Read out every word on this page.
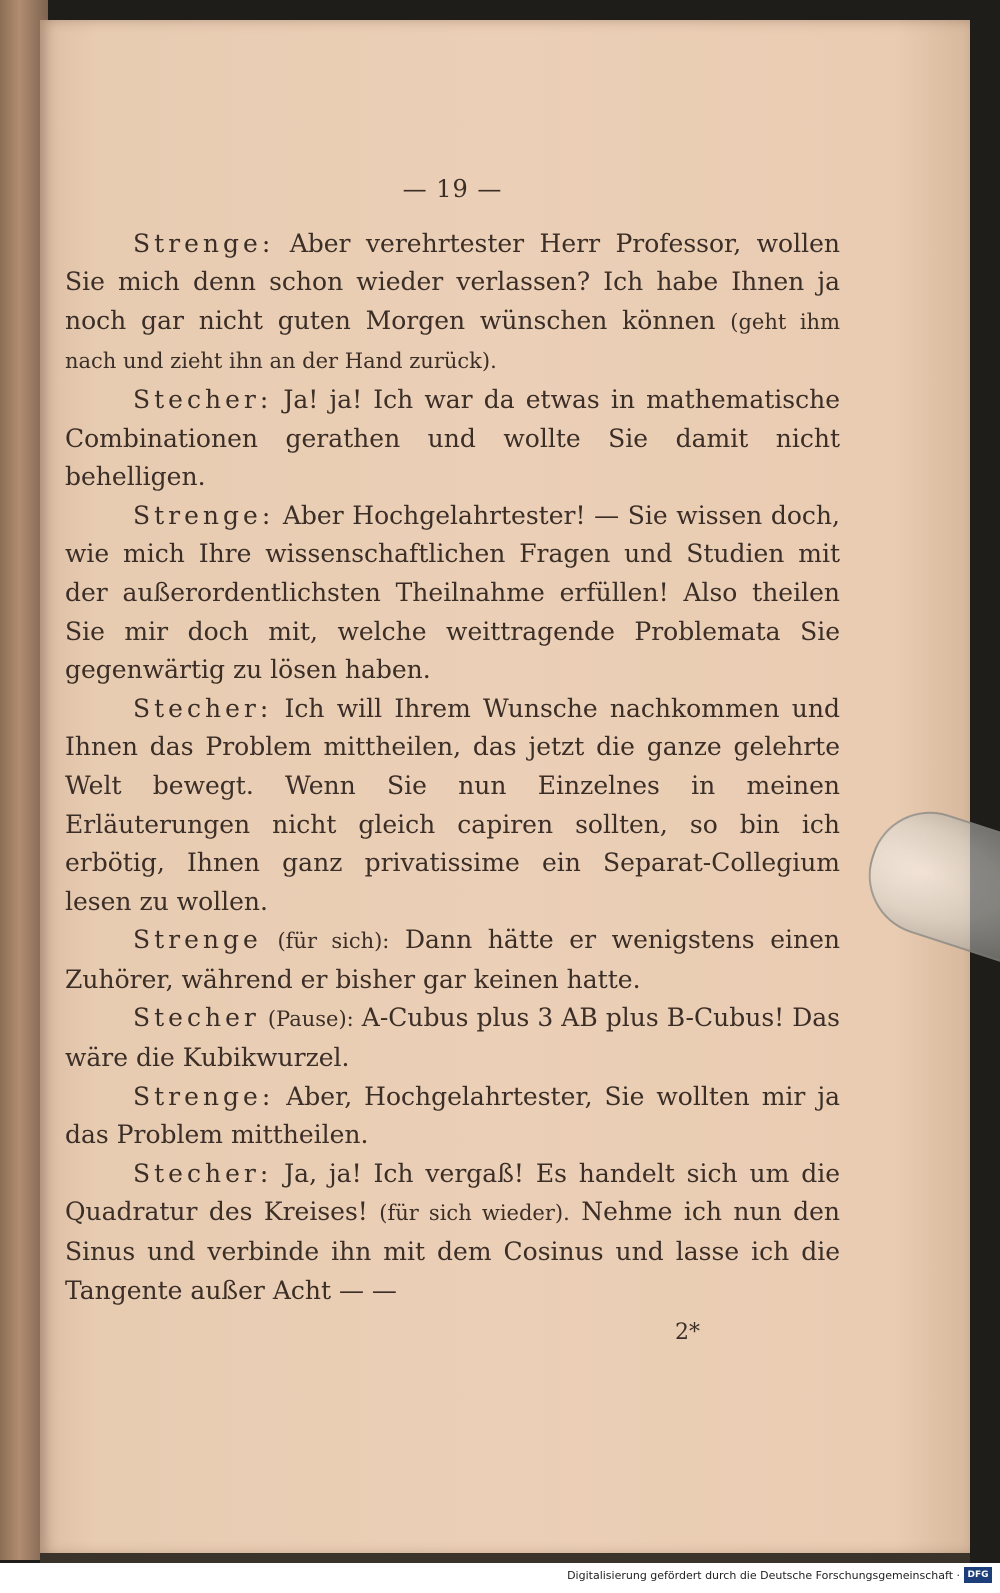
— 19 —

Strenge: Aber verehrtester Herr Professor, wollen Sie mich denn schon wieder verlassen? Ich habe Ihnen ja noch gar nicht guten Morgen wünschen können (geht ihm nach und zieht ihn an der Hand zurück).

Stecher: Ja! ja! Ich war da etwas in mathematische Combinationen gerathen und wollte Sie damit nicht behelligen.

Strenge: Aber Hochgelahrtester! — Sie wissen doch, wie mich Ihre wissenschaftlichen Fragen und Studien mit der außerordentlichsten Theilnahme erfüllen! Also theilen Sie mir doch mit, welche weittragende Problemata Sie gegenwärtig zu lösen haben.

Stecher: Ich will Ihrem Wunsche nachkommen und Ihnen das Problem mittheilen, das jetzt die ganze gelehrte Welt bewegt. Wenn Sie nun Einzelnes in meinen Erläuterungen nicht gleich capiren sollten, so bin ich erbötig, Ihnen ganz privatissime ein Separat-Collegium lesen zu wollen.

Strenge (für sich): Dann hätte er wenigstens einen Zuhörer, während er bisher gar keinen hatte.

Stecher (Pause): A-Cubus plus 3 AB plus B-Cubus! Das wäre die Kubikwurzel.

Strenge: Aber, Hochgelahrtester, Sie wollten mir ja das Problem mittheilen.

Stecher: Ja, ja! Ich vergaß! Es handelt sich um die Quadratur des Kreises! (für sich wieder). Nehme ich nun den Sinus und verbinde ihn mit dem Cosinus und lasse ich die Tangente außer Acht — —

2*
Digitalisierung gefördert durch die Deutsche Forschungsgemeinschaft · DFG
